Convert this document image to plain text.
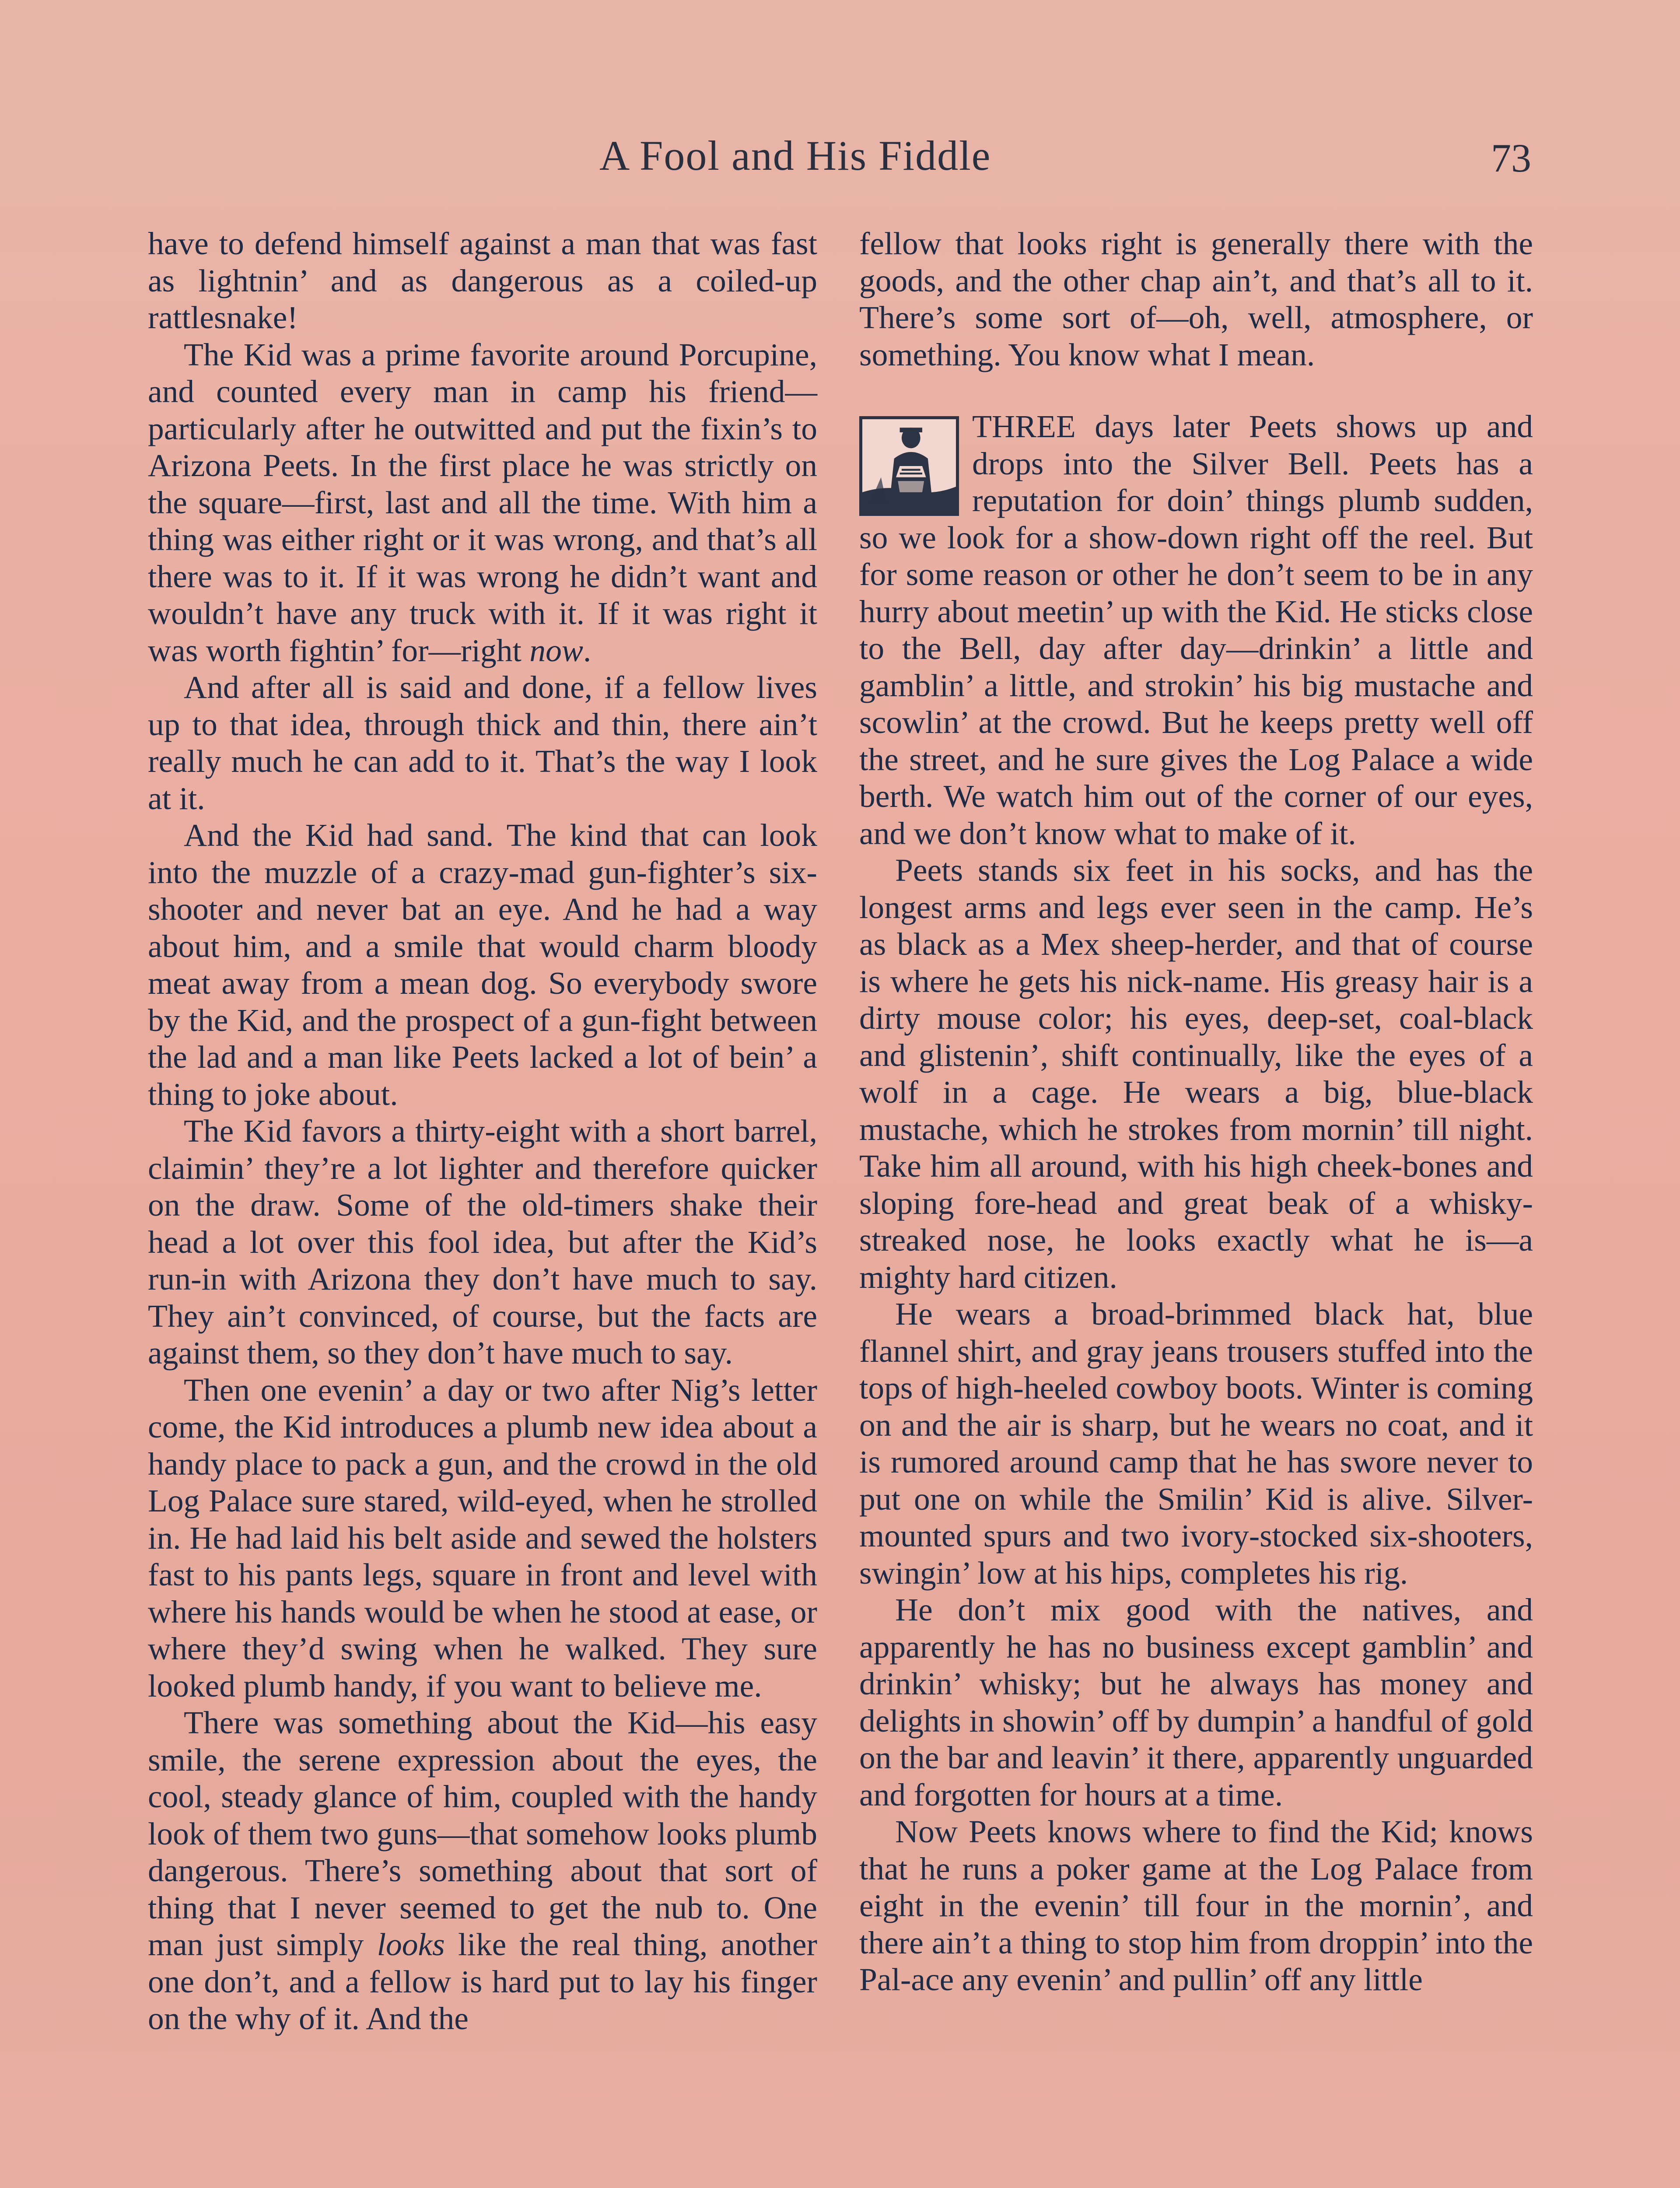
A Fool and His Fiddle	73

have to defend himself against a man that was fast as lightnin’ and as dangerous as a coiled-up rattlesnake!

The Kid was a prime favorite around Porcupine, and counted every man in camp his friend—particularly after he outwitted and put the fixin’s to Arizona Peets. In the first place he was strictly on the square—first, last and all the time. With him a thing was either right or it was wrong, and that’s all there was to it. If it was wrong he didn’t want and wouldn’t have any truck with it. If it was right it was worth fightin’ for—right now.

And after all is said and done, if a fellow lives up to that idea, through thick and thin, there ain’t really much he can add to it. That’s the way I look at it.

And the Kid had sand. The kind that can look into the muzzle of a crazy-mad gun-fighter’s six-shooter and never bat an eye. And he had a way about him, and a smile that would charm bloody meat away from a mean dog. So everybody swore by the Kid, and the prospect of a gun-fight between the lad and a man like Peets lacked a lot of bein’ a thing to joke about.

The Kid favors a thirty-eight with a short barrel, claimin’ they’re a lot lighter and therefore quicker on the draw. Some of the old-timers shake their head a lot over this fool idea, but after the Kid’s run-in with Arizona they don’t have much to say. They ain’t convinced, of course, but the facts are against them, so they don’t have much to say.

Then one evenin’ a day or two after Nig’s letter come, the Kid introduces a plumb new idea about a handy place to pack a gun, and the crowd in the old Log Palace sure stared, wild-eyed, when he strolled in. He had laid his belt aside and sewed the holsters fast to his pants legs, square in front and level with where his hands would be when he stood at ease, or where they’d swing when he walked. They sure looked plumb handy, if you want to believe me.

There was something about the Kid—his easy smile, the serene expression about the eyes, the cool, steady glance of him, coupled with the handy look of them two guns—that somehow looks plumb dangerous. There’s something about that sort of thing that I never seemed to get the nub to. One man just simply looks like the real thing, another one don’t, and a fellow is hard put to lay his finger on the why of it. And the

fellow that looks right is generally there with the goods, and the other chap ain’t, and that’s all to it. There’s some sort of—oh, well, atmosphere, or something. You know what I mean.

THREE days later Peets shows up and drops into the Silver Bell. Peets has a reputation for doin’ things plumb sudden, so we look for a show-down right off the reel. But for some reason or other he don’t seem to be in any hurry about meetin’ up with the Kid. He sticks close to the Bell, day after day—drinkin’ a little and gamblin’ a little, and strokin’ his big mustache and scowlin’ at the crowd. But he keeps pretty well off the street, and he sure gives the Log Palace a wide berth. We watch him out of the corner of our eyes, and we don’t know what to make of it.

Peets stands six feet in his socks, and has the longest arms and legs ever seen in the camp. He’s as black as a Mex sheep-herder, and that of course is where he gets his nick-name. His greasy hair is a dirty mouse color; his eyes, deep-set, coal-black and glistenin’, shift continually, like the eyes of a wolf in a cage. He wears a big, blue-black mustache, which he strokes from mornin’ till night. Take him all around, with his high cheek-bones and sloping fore-head and great beak of a whisky-streaked nose, he looks exactly what he is—a mighty hard citizen.

He wears a broad-brimmed black hat, blue flannel shirt, and gray jeans trousers stuffed into the tops of high-heeled cowboy boots. Winter is coming on and the air is sharp, but he wears no coat, and it is rumored around camp that he has swore never to put one on while the Smilin’ Kid is alive. Silver-mounted spurs and two ivory-stocked six-shooters, swingin’ low at his hips, completes his rig.

He don’t mix good with the natives, and apparently he has no business except gamblin’ and drinkin’ whisky; but he always has money and delights in showin’ off by dumpin’ a handful of gold on the bar and leavin’ it there, apparently unguarded and forgotten for hours at a time.

Now Peets knows where to find the Kid; knows that he runs a poker game at the Log Palace from eight in the evenin’ till four in the mornin’, and there ain’t a thing to stop him from droppin’ into the Pal-ace any evenin’ and pullin’ off any little
